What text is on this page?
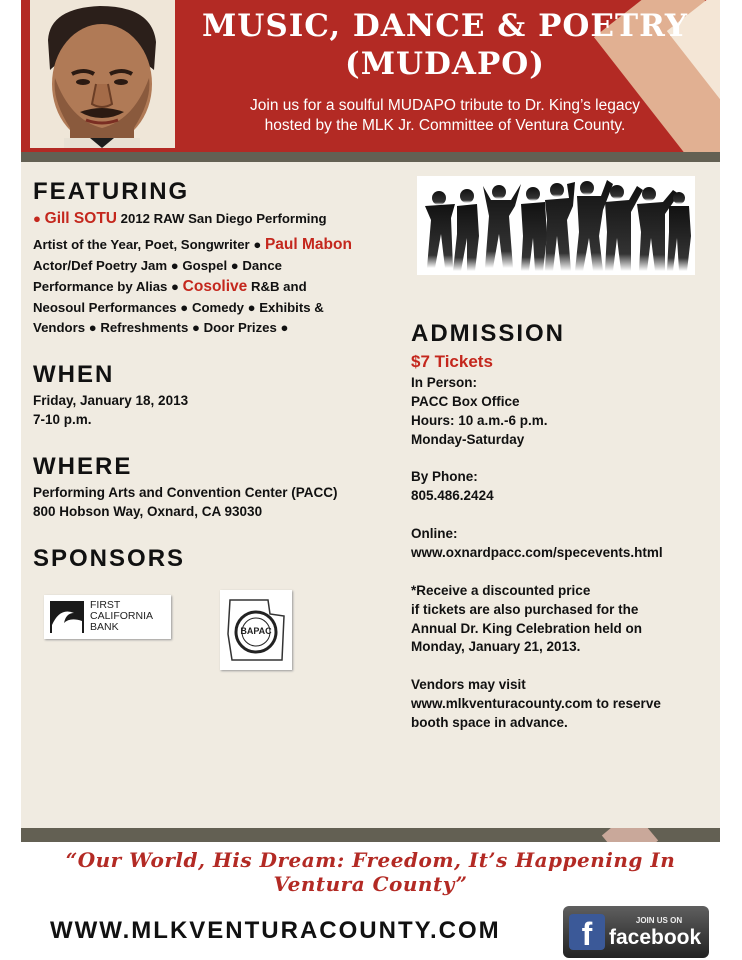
MUSIC, DANCE & POETRY
(MUDAPO)
Join us for a soulful MUDAPO tribute to Dr. King’s legacy
hosted by the MLK Jr. Committee of Ventura County.
FEATURING
● Gill SOTU 2012 RAW San Diego Performing
Artist of the Year, Poet, Songwriter ● Paul Mabon
Actor/Def Poetry Jam ● Gospel ● Dance
Performance by Alias ● Cosolive R&B and
Neosoul Performances ● Comedy ● Exhibits &
Vendors ● Refreshments ● Door Prizes ●
WHEN
Friday, January 18, 2013
7-10 p.m.
WHERE
Performing Arts and Convention Center (PACC)
800 Hobson Way, Oxnard, CA 93030
SPONSORS
FIRST
CALIFORNIA
BANK	BAPAC
ADMISSION
$7 Tickets
In Person:
PACC Box Office
Hours: 10 a.m.-6 p.m.
Monday-Saturday
By Phone:
805.486.2424
Online:
www.oxnardpacc.com/specevents.html
*Receive a discounted price
if tickets are also purchased for the
Annual Dr. King Celebration held on
Monday, January 21, 2013.
Vendors may visit
www.mlkventuracounty.com to reserve
booth space in advance.
“Our World, His Dream: Freedom, It’s Happening In Ventura County”
WWW.MLKVENTURACOUNTY.COM	f	JOIN US ON
facebook
